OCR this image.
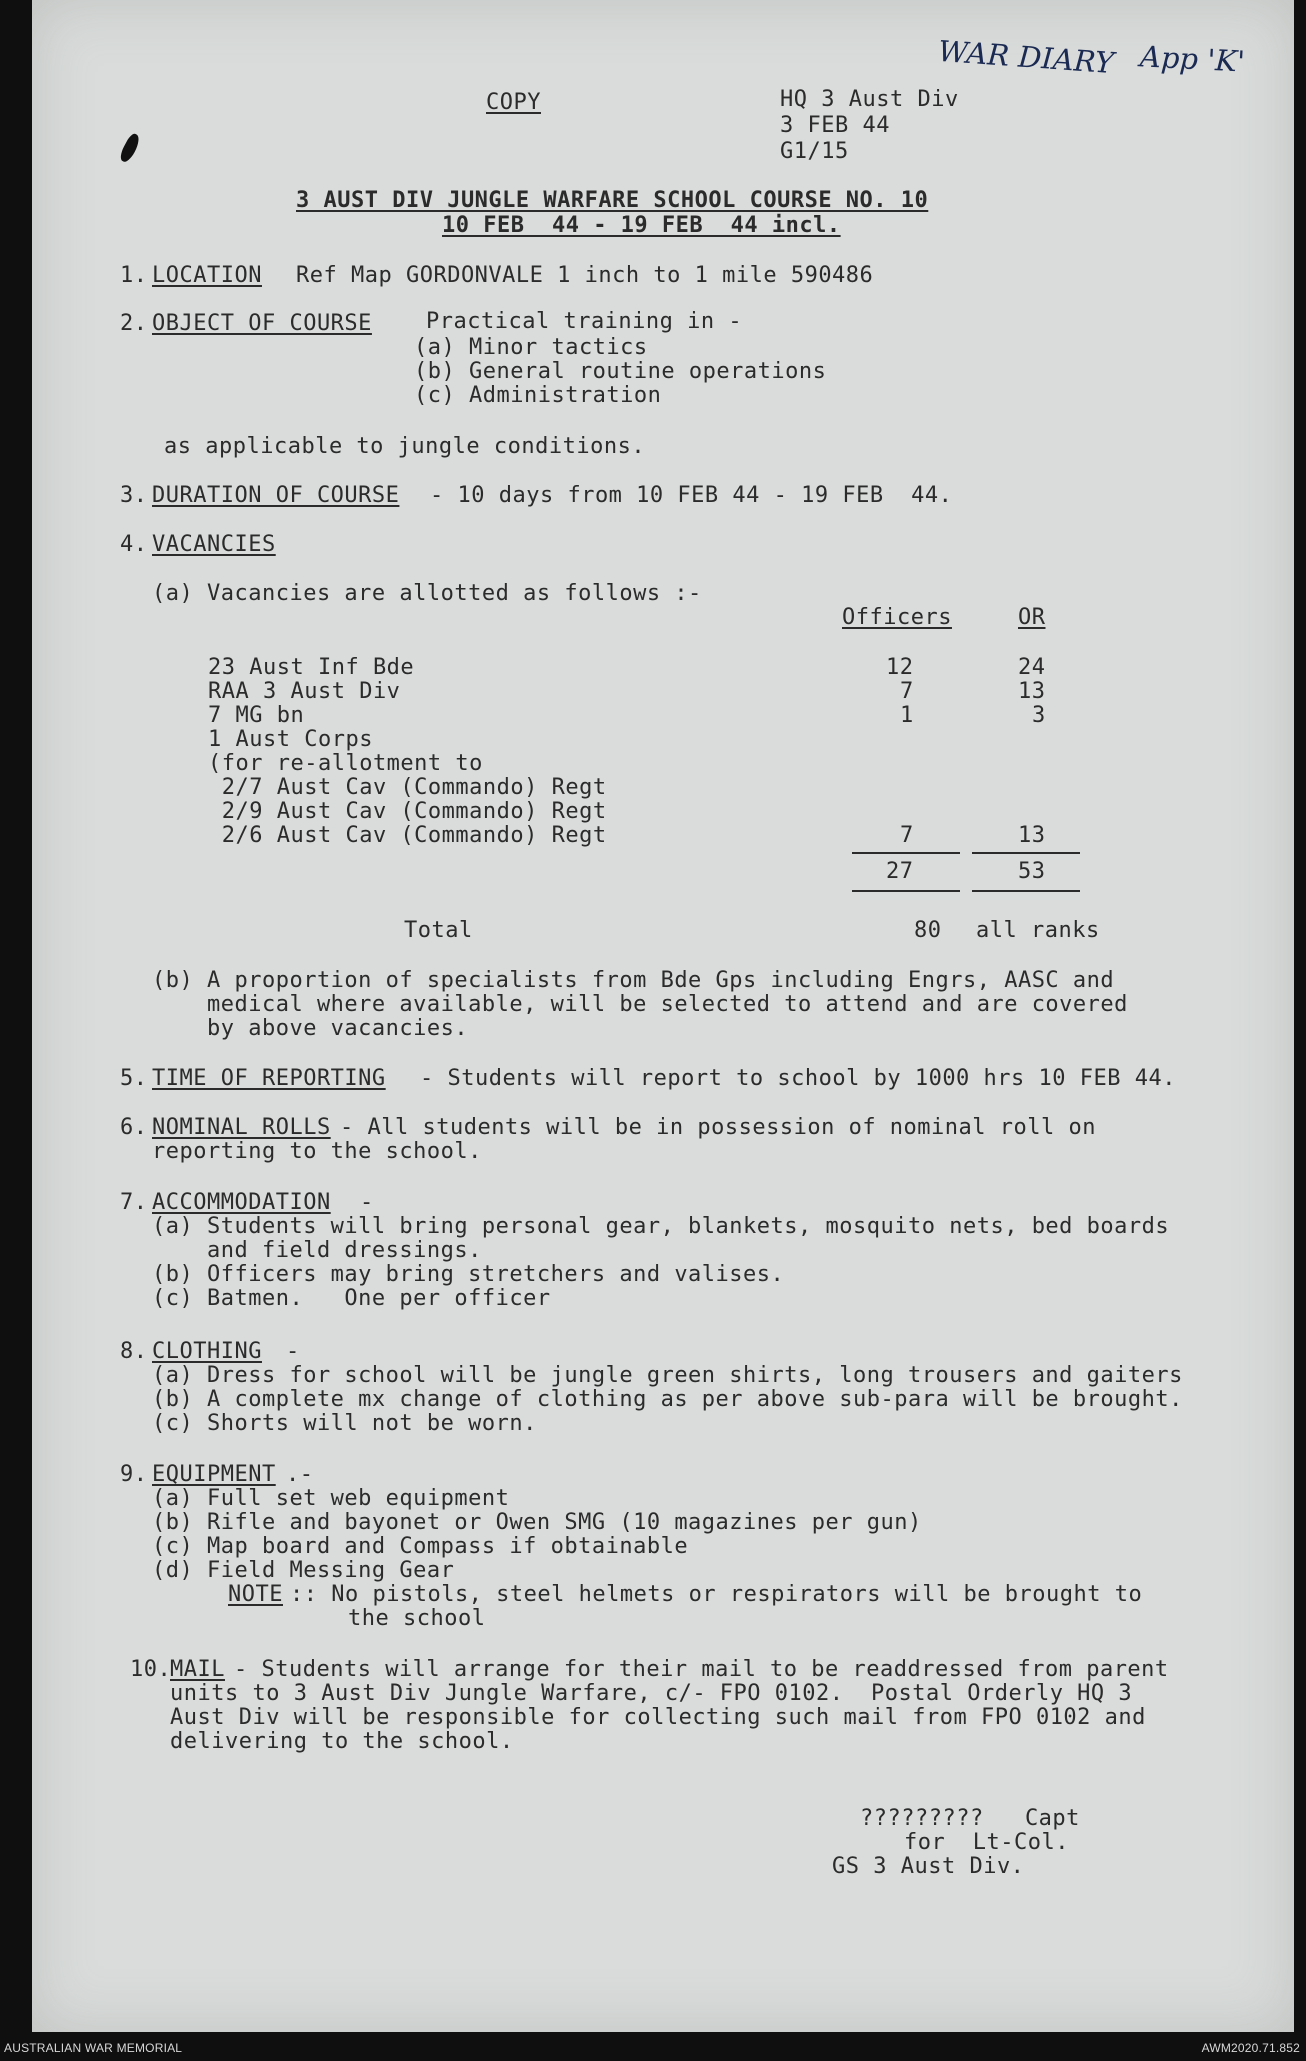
WAR DIARY App 'K'
COPY	HQ 3 Aust Div
3 FEB 44
G1/15
3 AUST DIV JUNGLE WARFARE SCHOOL COURSE NO. 10
10 FEB  44 - 19 FEB  44 incl.
1. LOCATION Ref Map GORDONVALE 1 inch to 1 mile 590486
2. OBJECT OF COURSE Practical training in -
(a) Minor tactics
(b) General routine operations
(c) Administration
as applicable to jungle conditions.
3. DURATION OF COURSE - 10 days from 10 FEB 44 - 19 FEB  44.
4. VACANCIES
(a) Vacancies are allotted as follows :-
Officers	OR
23 Aust Inf Bde	12	24
RAA 3 Aust Div	7	13
7 MG bn	1	3
1 Aust Corps
(for re-allotment to
2/7 Aust Cav (Commando) Regt
2/9 Aust Cav (Commando) Regt
2/6 Aust Cav (Commando) Regt	7	13
27	53
Total	80 all ranks
(b) A proportion of specialists from Bde Gps including Engrs, AASC and
medical where available, will be selected to attend and are covered
by above vacancies.
5. TIME OF REPORTING - Students will report to school by 1000 hrs 10 FEB 44.
6. NOMINAL ROLLS - All students will be in possession of nominal roll on
reporting to the school.
7. ACCOMMODATION -
(a) Students will bring personal gear, blankets, mosquito nets, bed boards
and field dressings.
(b) Officers may bring stretchers and valises.
(c) Batmen.   One per officer
8. CLOTHING -
(a) Dress for school will be jungle green shirts, long trousers and gaiters
(b) A complete mx change of clothing as per above sub-para will be brought.
(c) Shorts will not be worn.
9. EQUIPMENT .-
(a) Full set web equipment
(b) Rifle and bayonet or Owen SMG (10 magazines per gun)
(c) Map board and Compass if obtainable
(d) Field Messing Gear
NOTE :: No pistols, steel helmets or respirators will be brought to
the school
10.
MAIL - Students will arrange for their mail to be readdressed from parent
units to 3 Aust Div Jungle Warfare, c/- FPO 0102.  Postal Orderly HQ 3
Aust Div will be responsible for collecting such mail from FPO 0102 and
delivering to the school.
?????????   Capt
for  Lt-Col.
GS 3 Aust Div.
AUSTRALIAN WAR MEMORIAL	AWM2020.71.852
